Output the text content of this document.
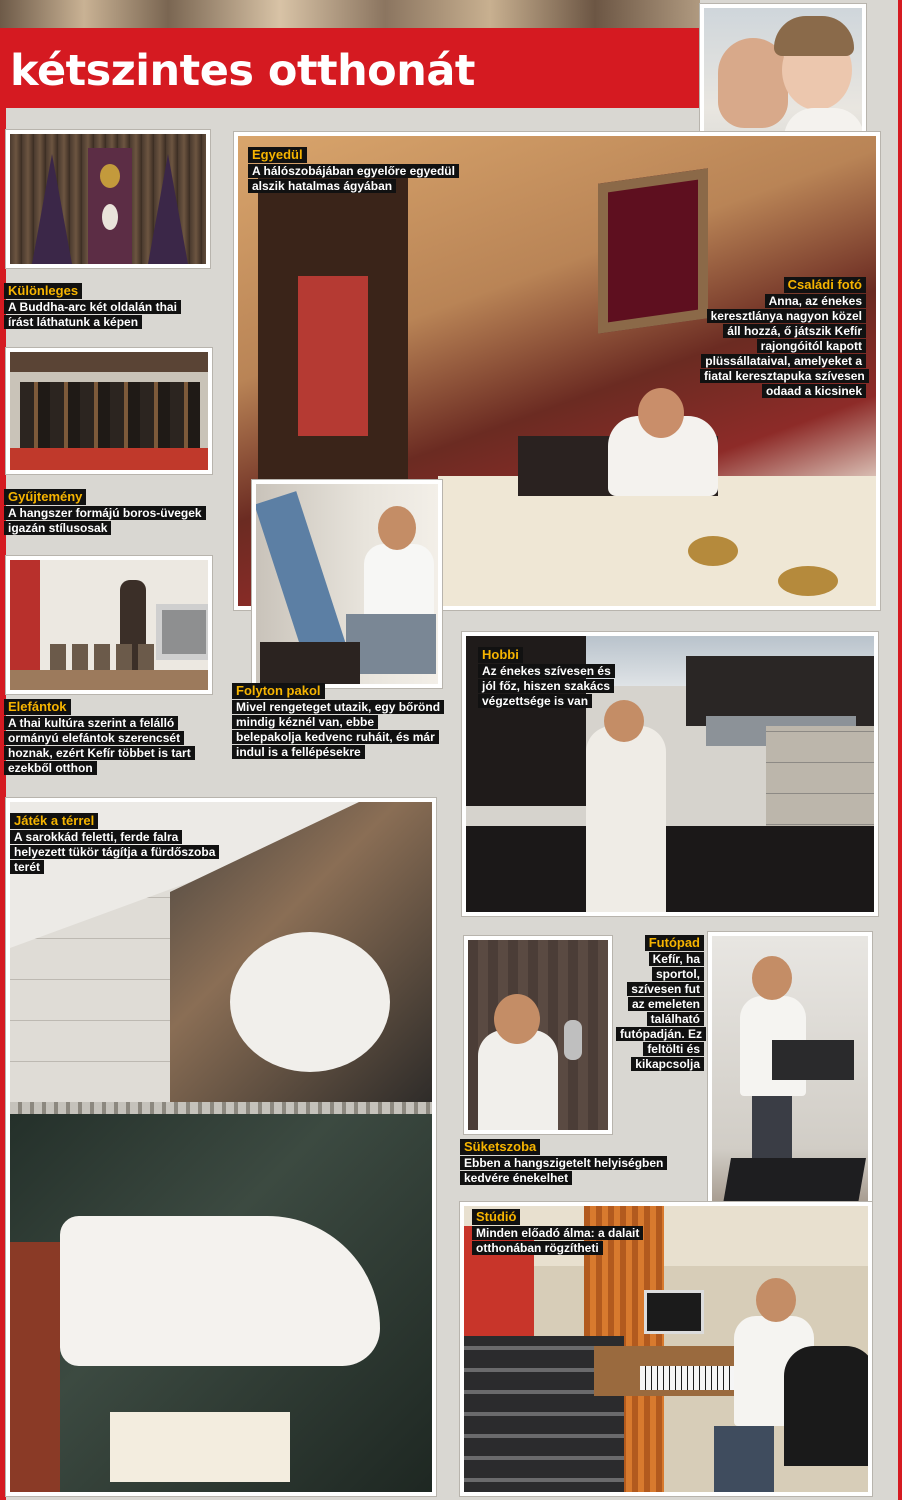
kétszintes otthonát
Különleges
A Buddha-arc két oldalán thai írást láthatunk a képen
Egyedül
A hálószobájában egyelőre egyedül alszik hatalmas ágyában
Családi fotó
Anna, az énekes keresztlánya nagyon közel áll hozzá, ő játszik Kefír rajongóitól kapott plüssállataival, amelyeket a fiatal keresztapuka szívesen odaad a kicsinek
Gyűjtemény
A hangszer formájú boros-üvegek igazán stílusosak
Elefántok
A thai kultúra szerint a felálló ormányú elefántok szerencsét hoznak, ezért Kefír többet is tart ezekből otthon
Folyton pakol
Mivel rengeteget utazik, egy bőrönd mindig kéznél van, ebbe belepakolja kedvenc ruháit, és már indul is a fellépésekre
Hobbi
Az énekes szívesen és jól főz, hiszen szakács végzettsége is van
Játék a térrel
A sarokkád feletti, ferde falra helyezett tükör tágítja a fürdőszoba terét
Süketszoba
Ebben a hangszigetelt helyiségben kedvére énekelhet
Futópad
Kefír, ha sportol, szívesen fut az emeleten található futópadján. Ez feltölti és kikapcsolja
Stúdió
Minden előadó álma: a dalait otthonában rögzítheti
